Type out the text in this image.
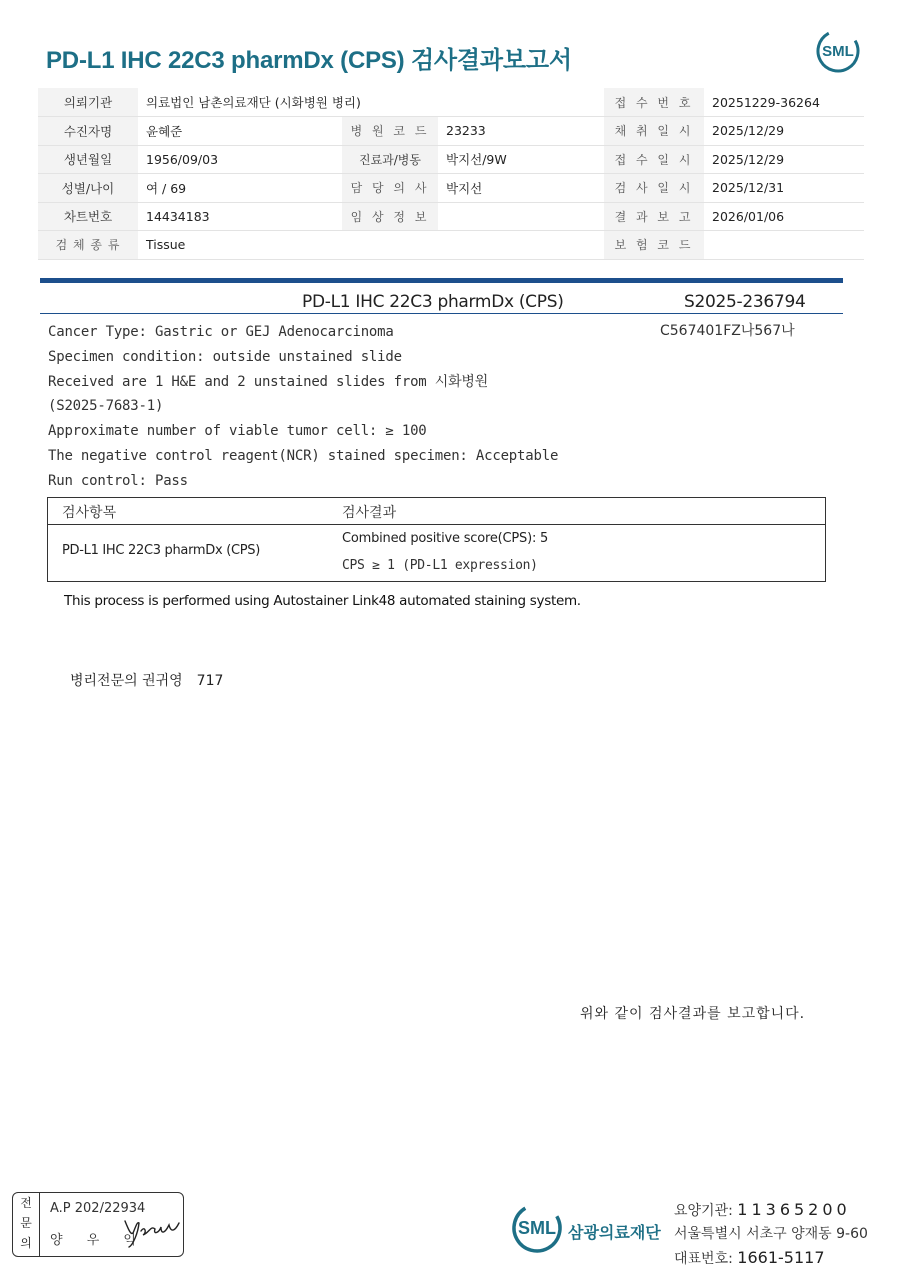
PD-L1 IHC 22C3 pharmDx (CPS) 검사결과보고서	SML
의뢰기관	의료법인 남촌의료재단 (시화병원 병리)			접 수 번 호	20251229-36264
수진자명	윤혜준	병 원 코 드	23233	채 취 일 시	2025/12/29
생년월일	1956/09/03	진료과/병동	박지선/9W	접 수 일 시	2025/12/29
성별/나이	여 / 69	담 당 의 사	박지선	검 사 일 시	2025/12/31
차트번호	14434183	임 상 정 보		결 과 보 고	2026/01/06
검 체 종 류	Tissue			보 험 코 드	
PD-L1 IHC 22C3 pharmDx (CPS)	S2025-236794
C567401FZ나567나
Cancer Type: Gastric or GEJ Adenocarcinoma
Specimen condition: outside unstained slide
Received are 1 H&E and 2 unstained slides from 시화병원
(S2025-7683-1)
Approximate number of viable tumor cell: ≥ 100
The negative control reagent(NCR) stained specimen: Acceptable
Run control: Pass
검사항목	검사결과
PD-L1 IHC 22C3 pharmDx (CPS)
Combined positive score(CPS): 5
CPS ≥ 1 (PD-L1 expression)
This process is performed using Autostainer Link48 automated staining system.
병리전문의 권귀영 717
위와 같이 검사결과를 보고합니다.
전
문
의
A.P 202/22934
양 우 익
SML 삼광의료재단
요양기관: 11365200
서울특별시 서초구 양재동 9-60
대표번호: 1661-5117
